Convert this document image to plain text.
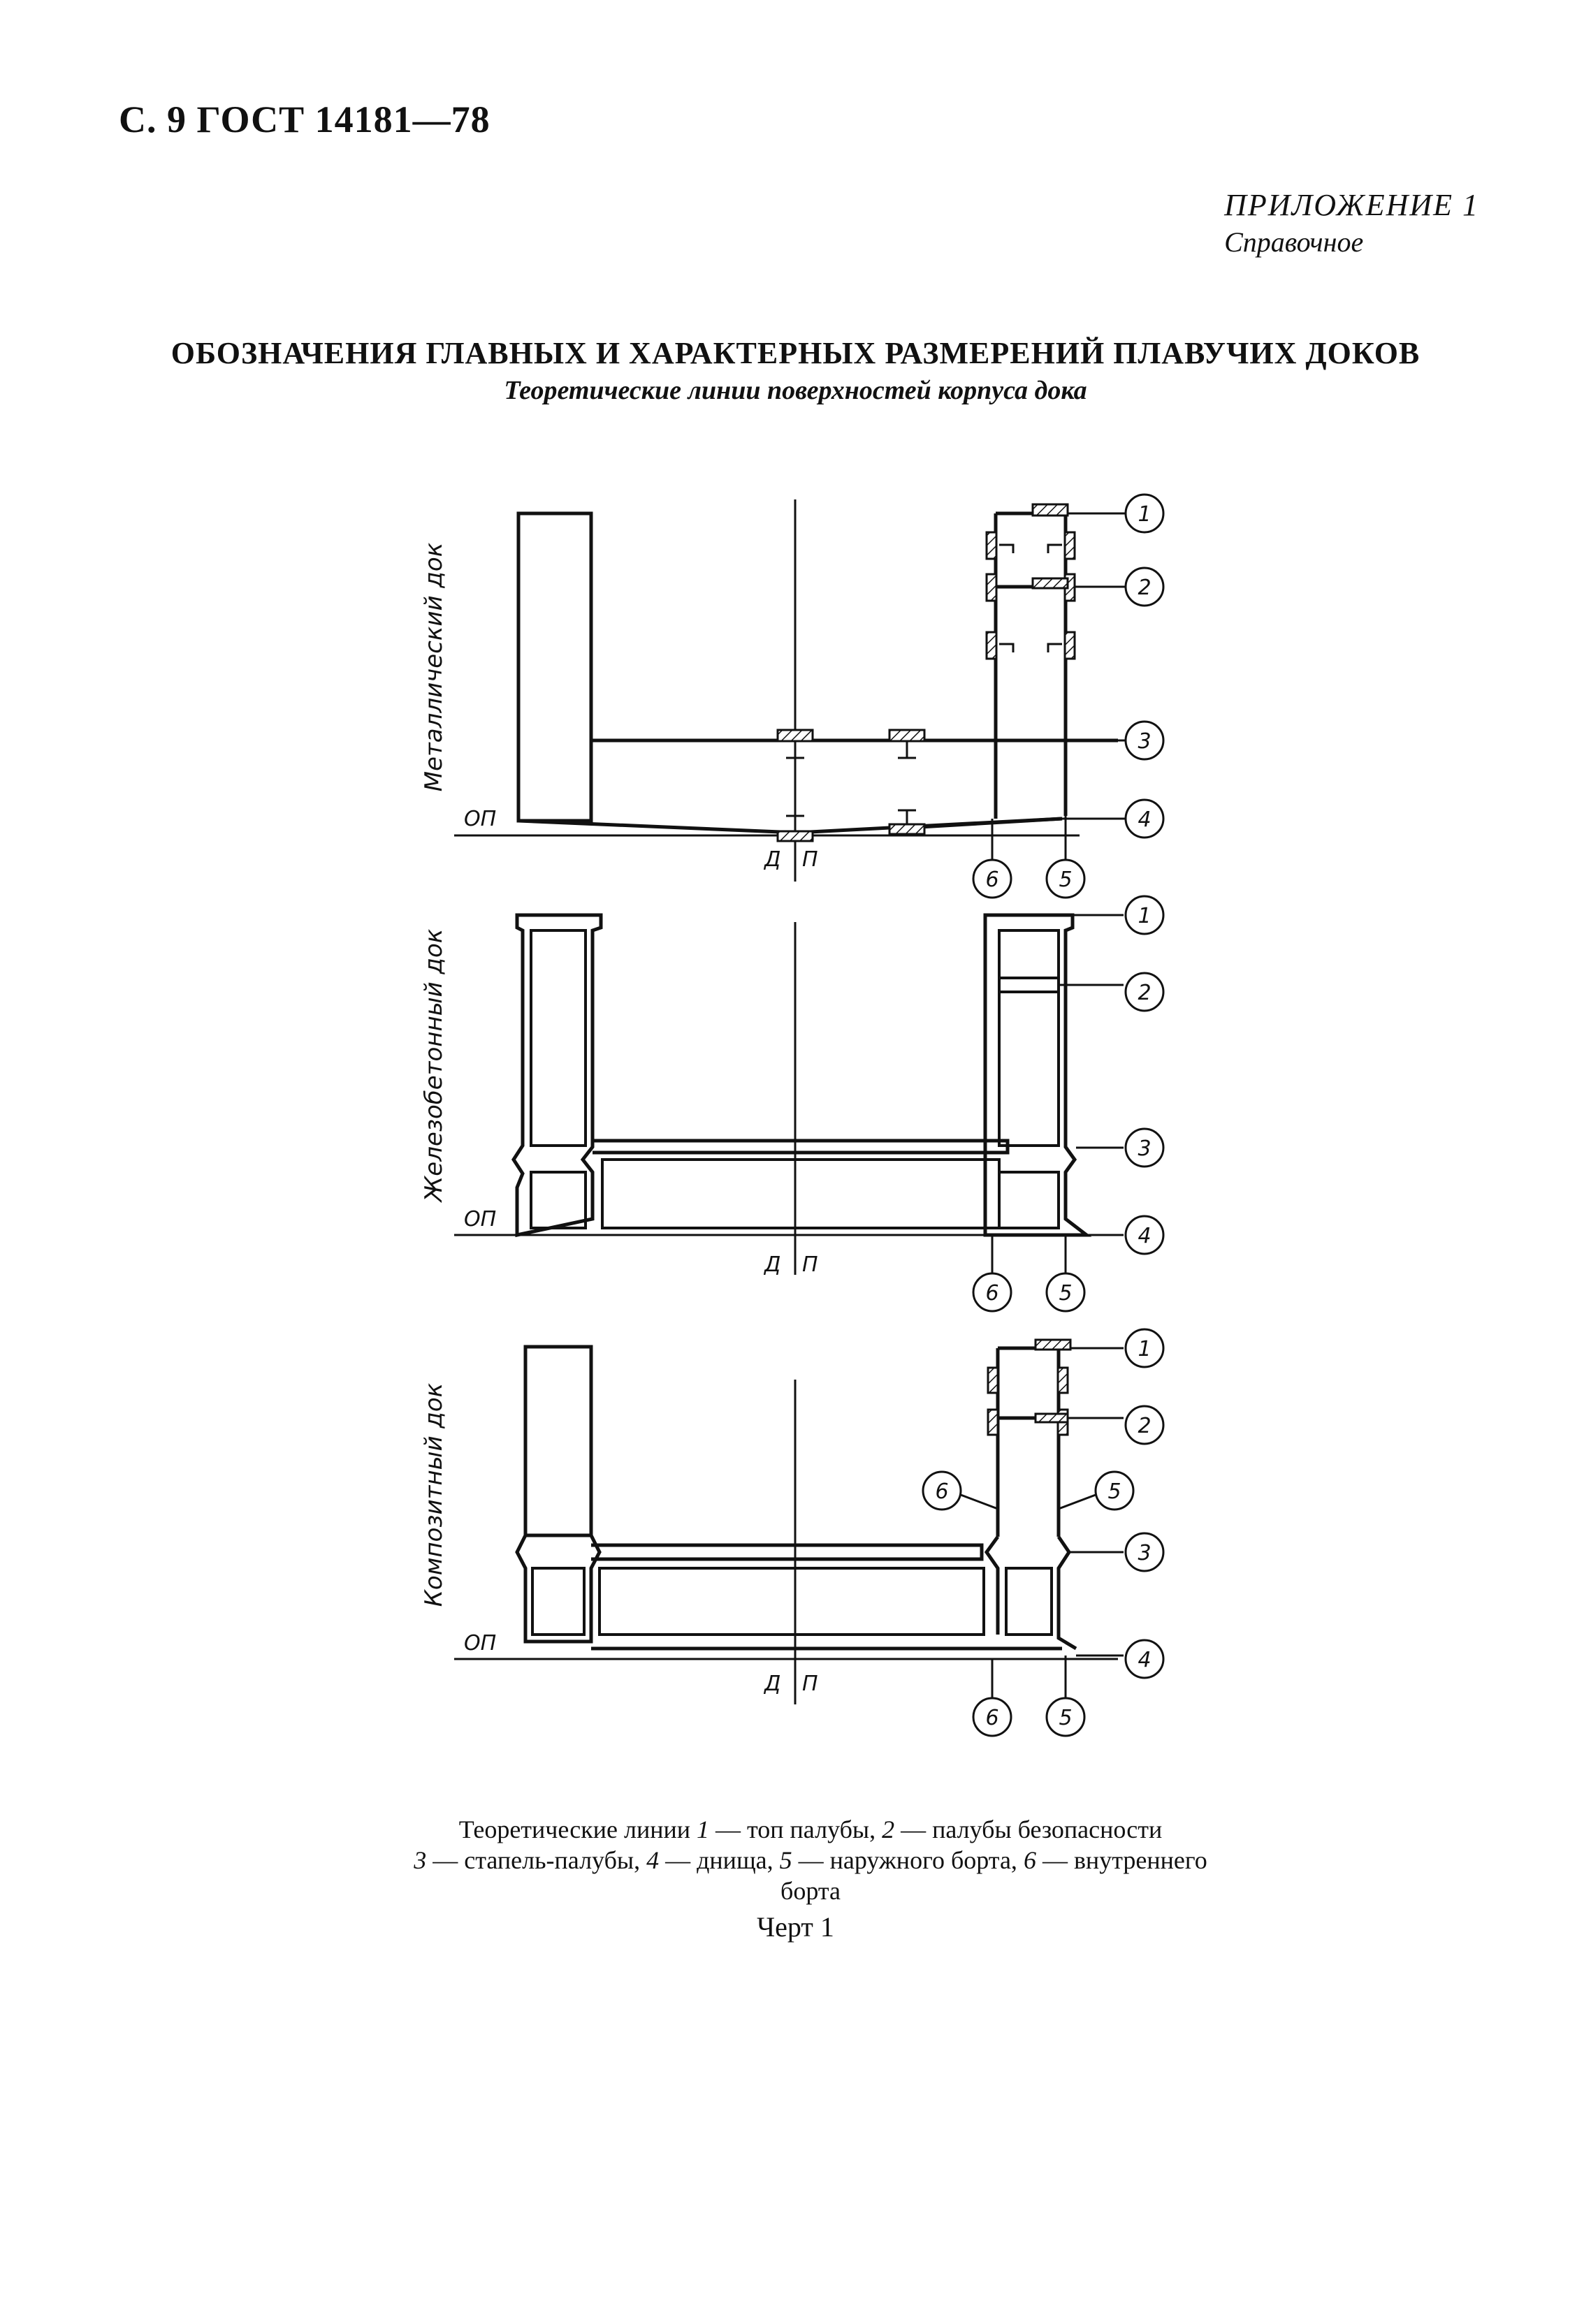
С. 9 ГОСТ 14181—78
ПРИЛОЖЕНИЕ 1
Справочное
ОБОЗНАЧЕНИЯ ГЛАВНЫХ И ХАРАКТЕРНЫХ РАЗМЕРЕНИЙ ПЛАВУЧИХ ДОКОВ
Теоретические линии поверхностей корпуса дока
1
2
3
4
6	5
1
2
3
4
6	5
1
2
6	5
3
4
6	5
ОП
ОП
ОП
Д П
Д П
Д П
Металлический док
Железобетонный док
Композитный док
Теоретические линии 1 — топ палубы, 2 — палубы безопасности
3 — стапель-палубы, 4 — днища, 5 — наружного борта, 6 — внутреннего борта
Черт 1
